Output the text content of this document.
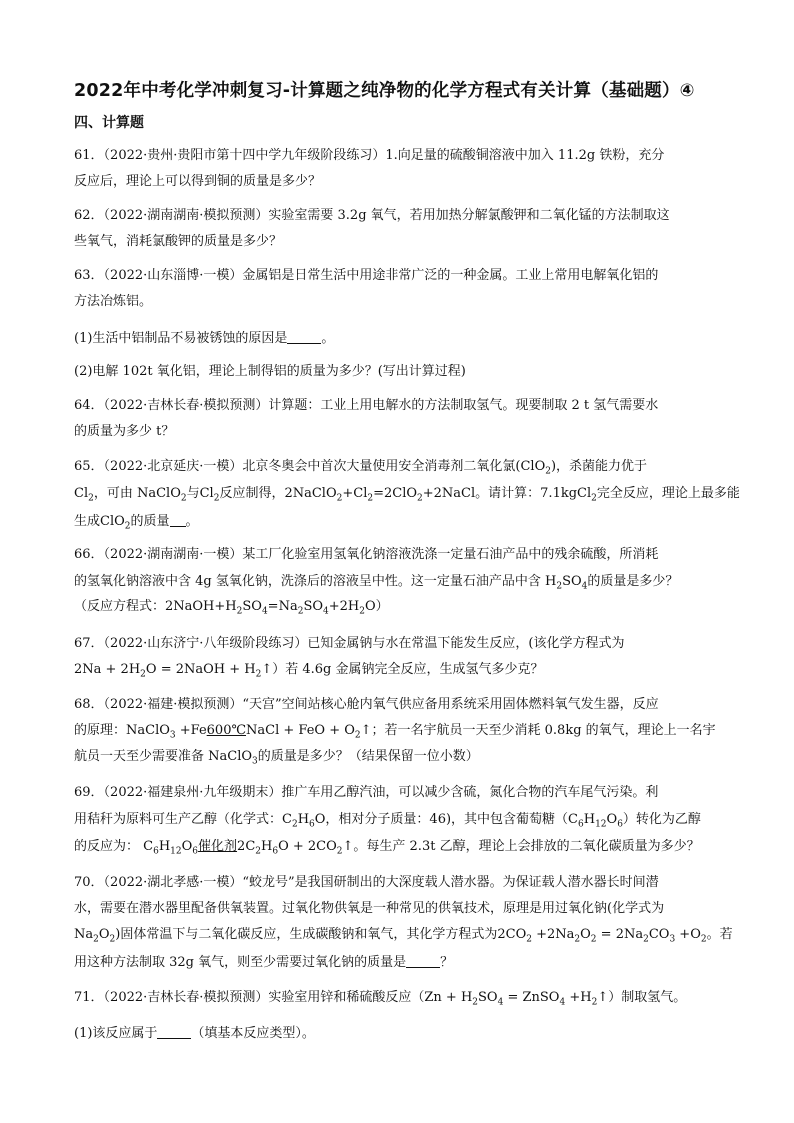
2022年中考化学冲刺复习-计算题之纯净物的化学方程式有关计算（基础题）④
四、计算题
61．（2022·贵州·贵阳市第十四中学九年级阶段练习）1.向足量的硫酸铜溶液中加入 11.2g 铁粉，充分
反应后，理论上可以得到铜的质量是多少？
62．（2022·湖南湖南·模拟预测）实验室需要 3.2g 氧气，若用加热分解氯酸钾和二氧化锰的方法制取这
些氧气，消耗氯酸钾的质量是多少？
63．（2022·山东淄博·一模）金属铝是日常生活中用途非常广泛的一种金属。工业上常用电解氧化铝的
方法冶炼铝。
(1)生活中铝制品不易被锈蚀的原因是	。
(2)电解 102t 氧化铝，理论上制得铝的质量为多少？(写出计算过程)
64．（2022·吉林长春·模拟预测）计算题：工业上用电解水的方法制取氢气。现要制取 2 t 氢气需要水
的质量为多少 t？
65．（2022·北京延庆·一模）北京冬奥会中首次大量使用安全消毒剂二氧化氯(ClO$_2$)，杀菌能力优于
$Cl_2$，可由 NaClO$_2$与$Cl_2$反应制得，$2NaClO_2+Cl_2=2ClO_2+2NaCl$。请计算：7.1kgCl$_2$完全反应，理论上最多能
生成ClO$_2$的质量 。
66．（2022·湖南湖南·一模）某工厂化验室用氢氧化钠溶液洗涤一定量石油产品中的残余硫酸，所消耗
的氢氧化钠溶液中含 4g 氢氧化钠，洗涤后的溶液呈中性。这一定量石油产品中含 $H_2SO_4$的质量是多少？
（反应方程式：$2NaOH+H_2SO_4=Na_2SO_4+2H_2O$）
67．（2022·山东济宁·八年级阶段练习）已知金属钠与水在常温下能发生反应，(该化学方程式为
$2Na + 2H_2O$ = 2NaOH + $H_2↑$）若 4.6g 金属钠完全反应，生成氢气多少克？
68．（2022·福建·模拟预测）“天宫”空间站核心舱内氧气供应备用系统采用固体燃料氧气发生器，反应
的原理：NaClO$_3$ +Fe600℃NaCl + FeO + $O_2↑$；若一名宇航员一天至少消耗 0.8kg 的氧气，理论上一名宇
航员一天至少需要准备 NaClO$_3$的质量是多少？（结果保留一位小数）
69．（2022·福建泉州·九年级期末）推广车用乙醇汽油，可以减少含硫，氮化合物的汽车尾气污染。利
用秸秆为原料可生产乙醇（化学式：$C_2H_6O$，相对分子质量：46)，其中包含葡萄糖$(C_6H_{12}O_6)$转化为乙醇
的反应为： $C_6H_{12}O_6$催化剂$2C_2H_6O$ + $2CO_2↑$。每生产 2.3t 乙醇，理论上会排放的二氧化碳质量为多少？
70．（2022·湖北孝感·一模）“蛟龙号”是我国研制出的大深度载人潜水器。为保证载人潜水器长时间潜
水，需要在潜水器里配备供氧装置。过氧化物供氧是一种常见的供氧技术，原理是用过氧化钠(化学式为
$Na_2O_2$)固体常温下与二氧化碳反应，生成碳酸钠和氧气，其化学方程式为$2CO_2 +2Na_2O_2 = 2Na_2CO_3 +O_2$。若
用这种方法制取 32g 氧气，则至少需要过氧化钠的质量是	？
71．（2022·吉林长春·模拟预测）实验室用锌和稀硫酸反应（$Zn + H_2SO_4$ = ZnSO$_4$ $+H_2↑$）制取氢气。
(1)该反应属于	（填基本反应类型）。
